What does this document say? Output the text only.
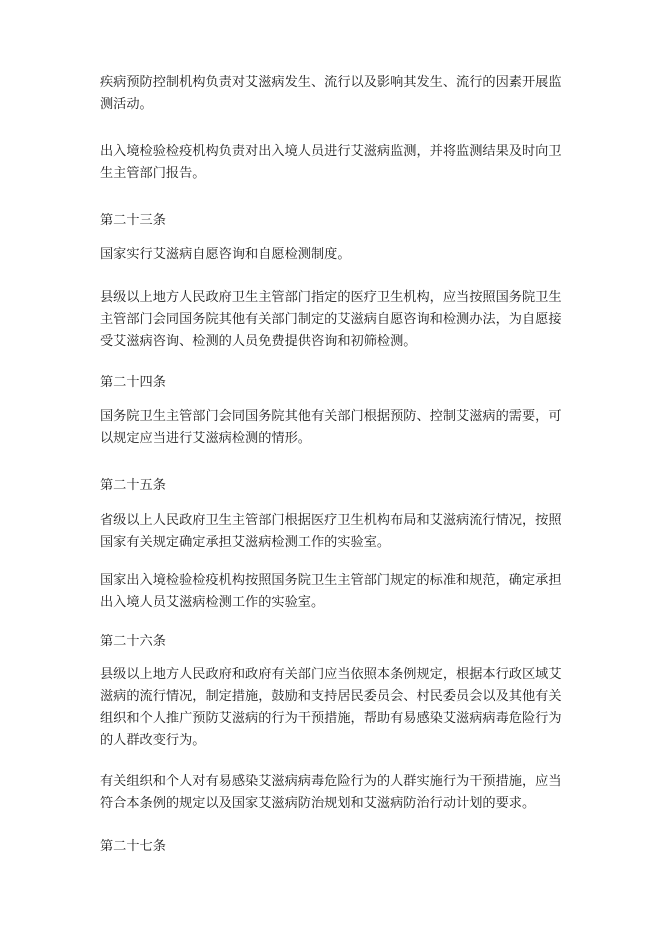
疾病预防控制机构负责对艾滋病发生、流行以及影响其发生、流行的因素开展监
测活动。
出入境检验检疫机构负责对出入境人员进行艾滋病监测，并将监测结果及时向卫
生主管部门报告。
第二十三条
国家实行艾滋病自愿咨询和自愿检测制度。
县级以上地方人民政府卫生主管部门指定的医疗卫生机构，应当按照国务院卫生
主管部门会同国务院其他有关部门制定的艾滋病自愿咨询和检测办法，为自愿接
受艾滋病咨询、检测的人员免费提供咨询和初筛检测。
第二十四条
国务院卫生主管部门会同国务院其他有关部门根据预防、控制艾滋病的需要，可
以规定应当进行艾滋病检测的情形。
第二十五条
省级以上人民政府卫生主管部门根据医疗卫生机构布局和艾滋病流行情况，按照
国家有关规定确定承担艾滋病检测工作的实验室。
国家出入境检验检疫机构按照国务院卫生主管部门规定的标准和规范，确定承担
出入境人员艾滋病检测工作的实验室。
第二十六条
县级以上地方人民政府和政府有关部门应当依照本条例规定，根据本行政区域艾
滋病的流行情况，制定措施，鼓励和支持居民委员会、村民委员会以及其他有关
组织和个人推广预防艾滋病的行为干预措施，帮助有易感染艾滋病病毒危险行为
的人群改变行为。
有关组织和个人对有易感染艾滋病病毒危险行为的人群实施行为干预措施，应当
符合本条例的规定以及国家艾滋病防治规划和艾滋病防治行动计划的要求。
第二十七条
